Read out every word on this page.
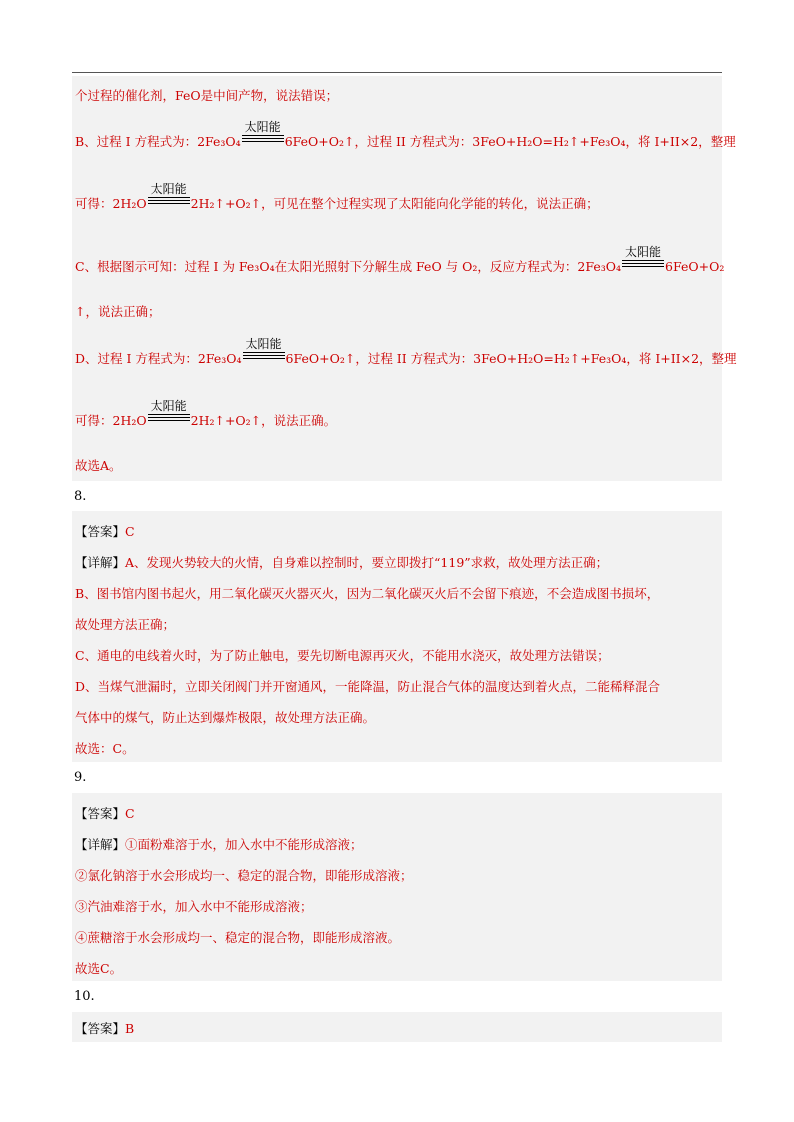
个过程的催化剂，FeO是中间产物，说法错误；
B、过程 I 方程式为：2Fe₃O₄
太阳能
6FeO+O₂↑，过程 II 方程式为：3FeO+H₂O=H₂↑+Fe₃O₄，将 I+II×2，整理
可得：2H₂O
太阳能
2H₂↑+O₂↑，可见在整个过程实现了太阳能向化学能的转化，说法正确；
C、根据图示可知：过程 I 为 Fe₃O₄在太阳光照射下分解生成 FeO 与 O₂，反应方程式为：2Fe₃O₄
太阳能
6FeO+O₂
↑，说法正确；
D、过程 I 方程式为：2Fe₃O₄
太阳能
6FeO+O₂↑，过程 II 方程式为：3FeO+H₂O=H₂↑+Fe₃O₄，将 I+II×2，整理
可得：2H₂O
太阳能
2H₂↑+O₂↑，说法正确。
故选A。
8.
【答案】C
【详解】A、发现火势较大的火情，自身难以控制时，要立即拨打“119”求救，故处理方法正确；
B、图书馆内图书起火，用二氧化碳灭火器灭火，因为二氧化碳灭火后不会留下痕迹，不会造成图书损坏，
故处理方法正确；
C、通电的电线着火时，为了防止触电，要先切断电源再灭火，不能用水浇灭，故处理方法错误；
D、当煤气泄漏时，立即关闭阀门并开窗通风，一能降温，防止混合气体的温度达到着火点，二能稀释混合
气体中的煤气，防止达到爆炸极限，故处理方法正确。
故选：C。
9.
【答案】C
【详解】①面粉难溶于水，加入水中不能形成溶液；
②氯化钠溶于水会形成均一、稳定的混合物，即能形成溶液；
③汽油难溶于水，加入水中不能形成溶液；
④蔗糖溶于水会形成均一、稳定的混合物，即能形成溶液。
故选C。
10.
【答案】B
